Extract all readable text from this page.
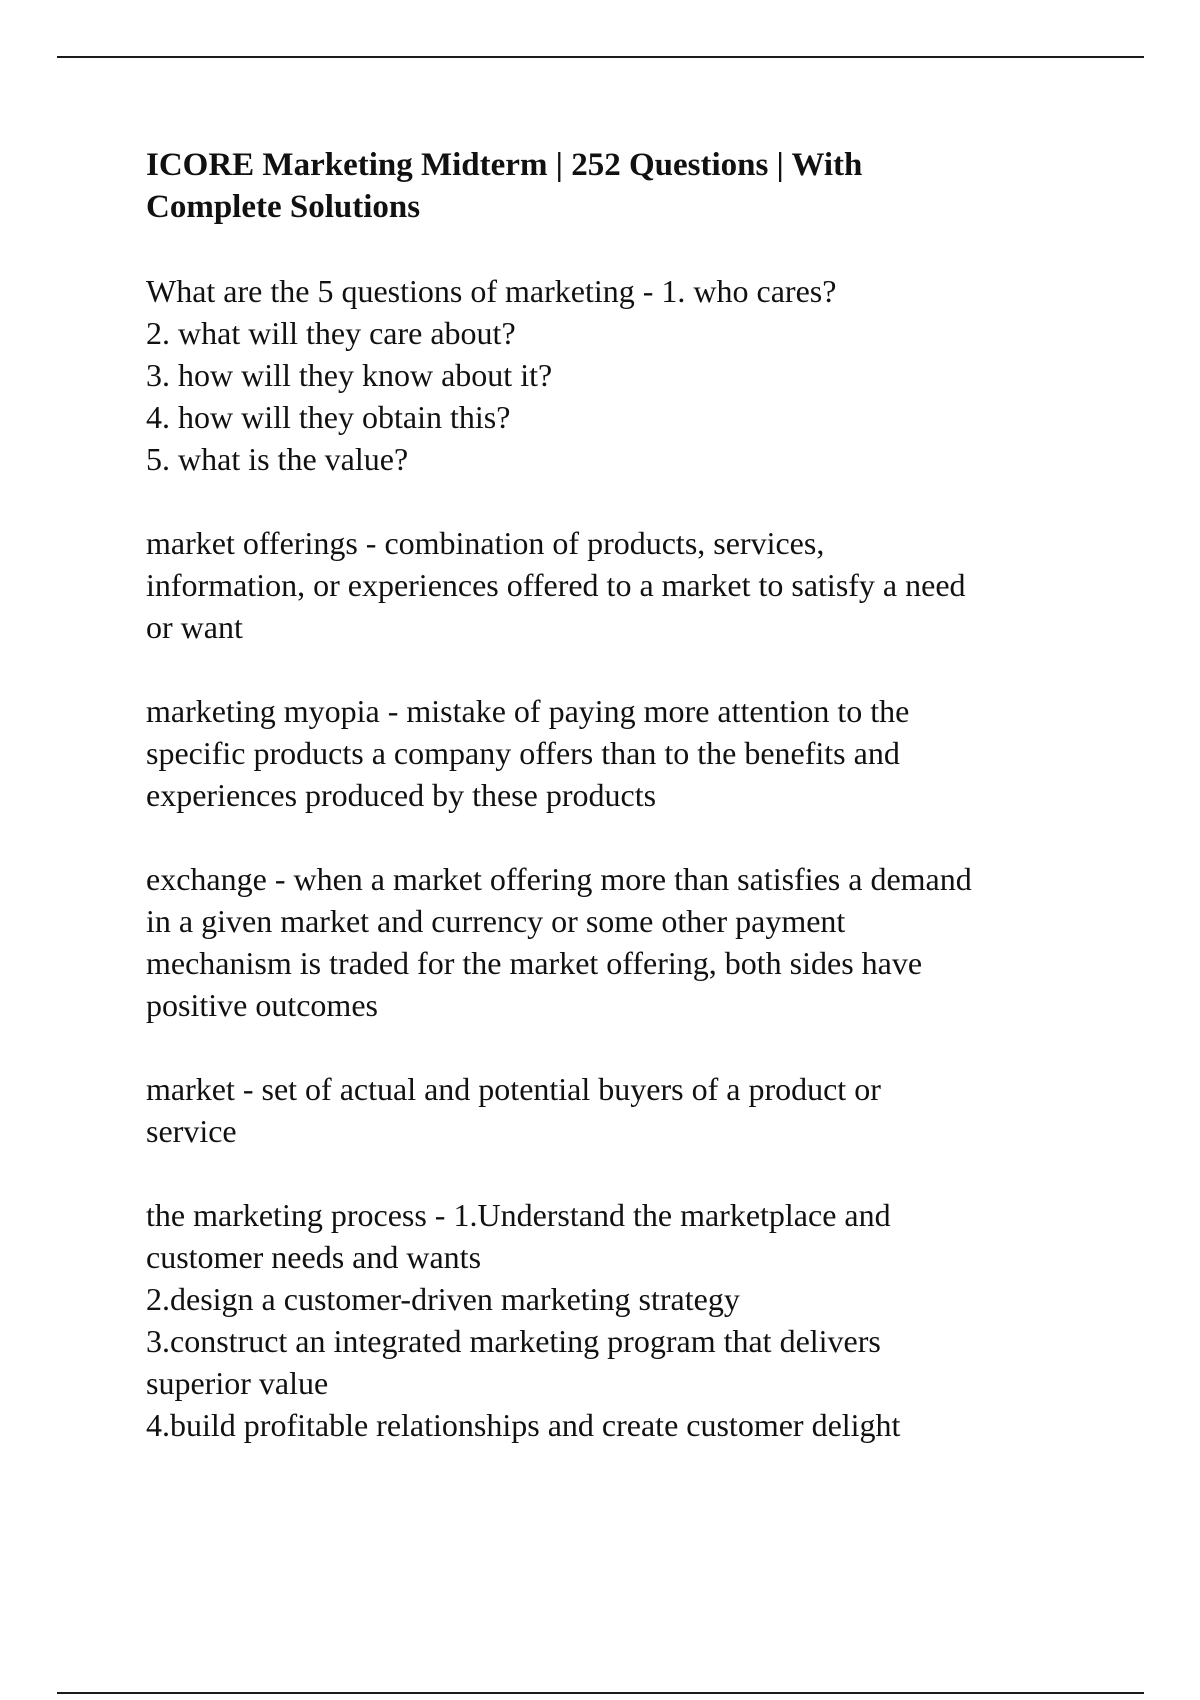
ICORE Marketing Midterm | 252 Questions | With
Complete Solutions
What are the 5 questions of marketing - 1. who cares?
2. what will they care about?
3. how will they know about it?
4. how will they obtain this?
5. what is the value?
market offerings - combination of products, services,
information, or experiences offered to a market to satisfy a need
or want
marketing myopia - mistake of paying more attention to the
specific products a company offers than to the benefits and
experiences produced by these products
exchange - when a market offering more than satisfies a demand
in a given market and currency or some other payment
mechanism is traded for the market offering, both sides have
positive outcomes
market - set of actual and potential buyers of a product or
service
the marketing process - 1.Understand the marketplace and
customer needs and wants
2.design a customer-driven marketing strategy
3.construct an integrated marketing program that delivers
superior value
4.build profitable relationships and create customer delight
